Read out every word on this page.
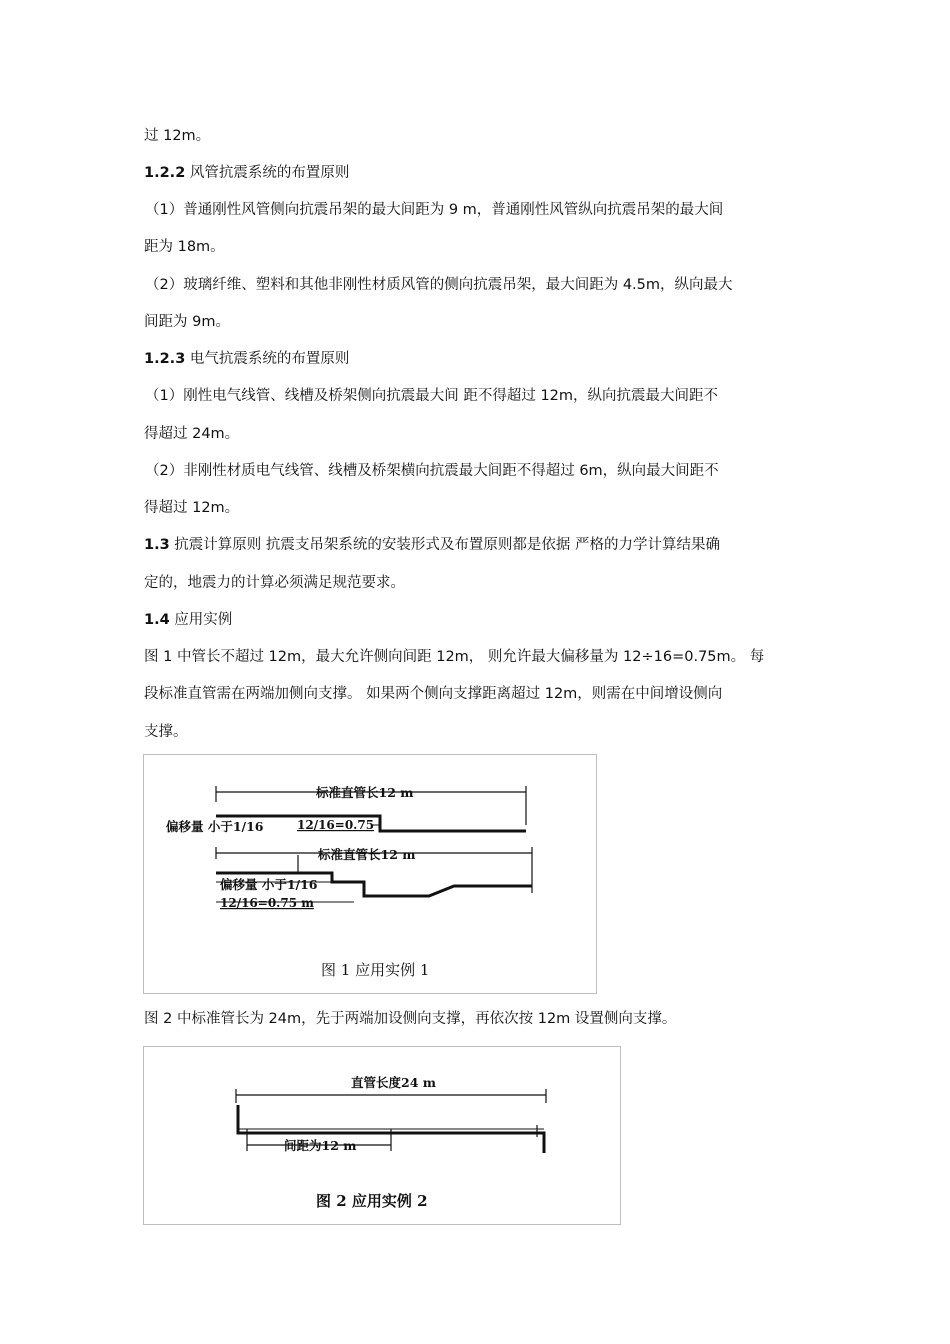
过 12m。

1.2.2 风管抗震系统的布置原则

（1）普通刚性风管侧向抗震吊架的最大间距为 9 m，普通刚性风管纵向抗震吊架的最大间

距为 18m。

（2）玻璃纤维、塑料和其他非刚性材质风管的侧向抗震吊架，最大间距为 4.5m，纵向最大

间距为 9m。

1.2.3 电气抗震系统的布置原则

（1）刚性电气线管、线槽及桥架侧向抗震最大间 距不得超过 12m，纵向抗震最大间距不

得超过 24m。

（2）非刚性材质电气线管、线槽及桥架横向抗震最大间距不得超过 6m，纵向最大间距不

得超过 12m。

1.3 抗震计算原则 抗震支吊架系统的安装形式及布置原则都是依据 严格的力学计算结果确

定的，地震力的计算必须满足规范要求。

1.4 应用实例

图 1 中管长不超过 12m，最大允许侧向间距 12m， 则允许最大偏移量为 12÷16=0.75m。 每

段标准直管需在两端加侧向支撑。 如果两个侧向支撑距离超过 12m，则需在中间增设侧向

支撑。

标准直管长12 m
偏移量 小于1/16	12/16=0.75
标准直管长12 m
偏移量 小于1/16
12/16=0.75 m
图 1 应用实例 1

图 2 中标准管长为 24m，先于两端加设侧向支撑，再依次按 12m 设置侧向支撑。

直管长度24 m
间距为12 m
图 2 应用实例 2
